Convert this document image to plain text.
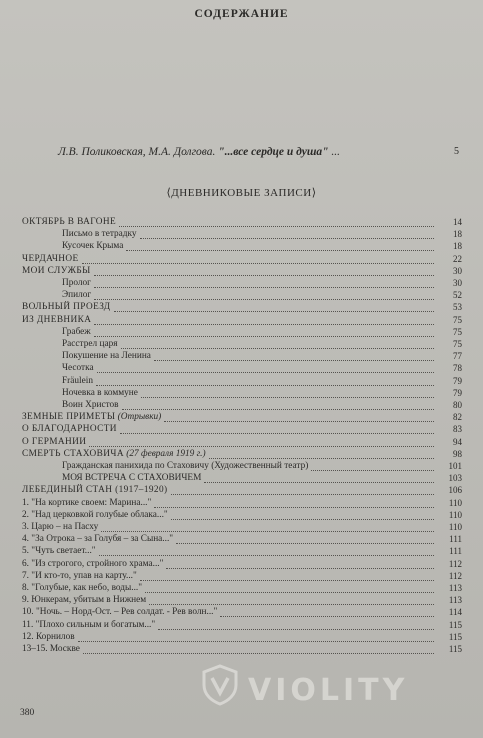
СОДЕРЖАНИЕ
Л.В. Поликовская, М.А. Долгова. "...все сердце и душа" ...	5
⟨ДНЕВНИКОВЫЕ ЗАПИСИ⟩
ОКТЯБРЬ В ВАГОНЕ	14
Письмо в тетрадку	18
Кусочек Крыма	18
ЧЕРДАЧНОЕ	22
МОИ СЛУЖБЫ	30
Пролог	30
Эпилог	52
ВОЛЬНЫЙ ПРОЕЗД	53
ИЗ ДНЕВНИКА	75
Грабеж	75
Расстрел царя	75
Покушение на Ленина	77
Чесотка	78
Fräulein	79
Ночевка в коммуне	79
Воин Христов	80
ЗЕМНЫЕ ПРИМЕТЫ (Отрывки)	82
О БЛАГОДАРНОСТИ	83
О ГЕРМАНИИ	94
СМЕРТЬ СТАХОВИЧА (27 февраля 1919 г.)	98
Гражданская панихида по Стаховичу (Художественный театр)	101
МОЯ ВСТРЕЧА С СТАХОВИЧЕМ	103
ЛЕБЕДИНЫЙ СТАН (1917–1920)	106
1. "На кортике своем: Марина..."	110
2. "Над церковкой голубые облака..."	110
3. Царю – на Пасху	110
4. "За Отрока – за Голубя – за Сына..."	111
5. "Чуть светает..."	111
6. "Из строгого, стройного храма..."	112
7. "И кто-то, упав на карту..."	112
8. "Голубые, как небо, воды..."	113
9. Юнкерам, убитым в Нижнем	113
10. "Ночь. – Норд-Ост. – Рев солдат. - Рев волн..."	114
11. "Плохо сильным и богатым..."	115
12. Корнилов	115
13–15. Москве	115
380
VIOLITY
